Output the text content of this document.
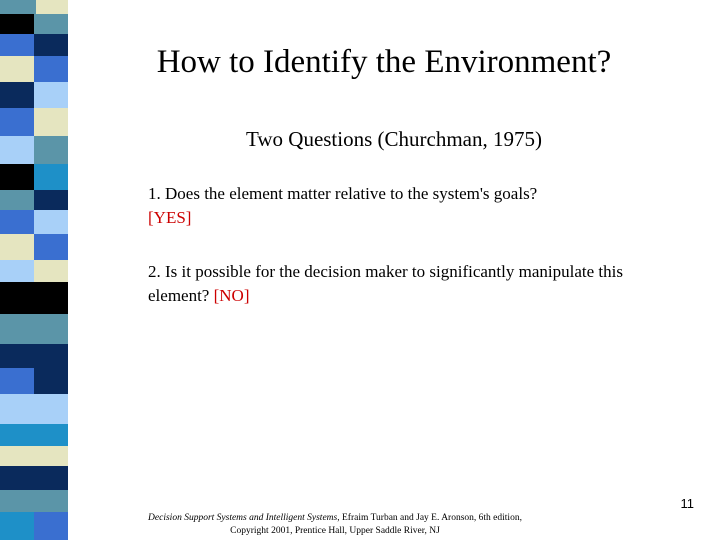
How to Identify the Environment?
Two Questions (Churchman, 1975)
1. Does the element matter relative to the system's goals?
[YES]
2. Is it possible for the decision maker to significantly manipulate this element? [NO]
11
Decision Support Systems and Intelligent Systems, Efraim Turban and Jay E. Aronson, 6th edition,
Copyright 2001, Prentice Hall, Upper Saddle River, NJ
